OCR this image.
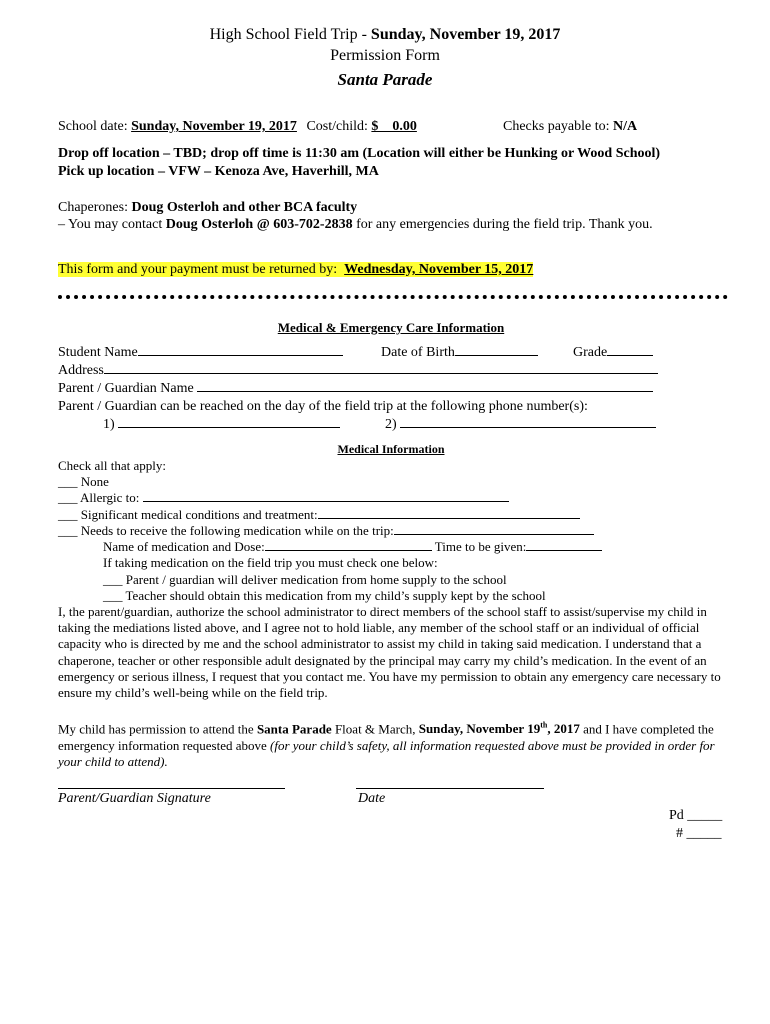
High School Field Trip - Sunday, November 19, 2017
Permission Form
Santa Parade
School date: Sunday, November 19, 2017 Cost/child: $    0.00	Checks payable to: N/A
Drop off location – TBD; drop off time is 11:30 am (Location will either be Hunking or Wood School)
Pick up location – VFW – Kenoza Ave, Haverhill, MA
Chaperones: Doug Osterloh and other BCA faculty
– You may contact Doug Osterloh @ 603-702-2838 for any emergencies during the field trip. Thank you.
This form and your payment must be returned by:  Wednesday, November 15, 2017
Medical & Emergency Care Information
Student Name	Date of Birth	Grade
Address
Parent / Guardian Name
Parent / Guardian can be reached on the day of the field trip at the following phone number(s):
1)	2)
Medical Information
Check all that apply:
___ None
___ Allergic to:
___ Significant medical conditions and treatment:
___ Needs to receive the following medication while on the trip:
Name of medication and Dose:	Time to be given:
If taking medication on the field trip you must check one below:
___ Parent / guardian will deliver medication from home supply to the school
___ Teacher should obtain this medication from my child’s supply kept by the school
I, the parent/guardian, authorize the school administrator to direct members of the school staff to assist/supervise my child in taking the mediations listed above, and I agree not to hold liable, any member of the school staff or an individual of official capacity who is directed by me and the school administrator to assist my child in taking said medication. I understand that a chaperone, teacher or other responsible adult designated by the principal may carry my child’s medication. In the event of an emergency or serious illness, I request that you contact me. You have my permission to obtain any emergency care necessary to ensure my child’s well-being while on the field trip.
My child has permission to attend the Santa Parade Float & March, Sunday, November 19th, 2017 and I have completed the emergency information requested above (for your child’s safety, all information requested above must be provided in order for your child to attend).
Parent/Guardian Signature	Date
Pd _____
# _____
